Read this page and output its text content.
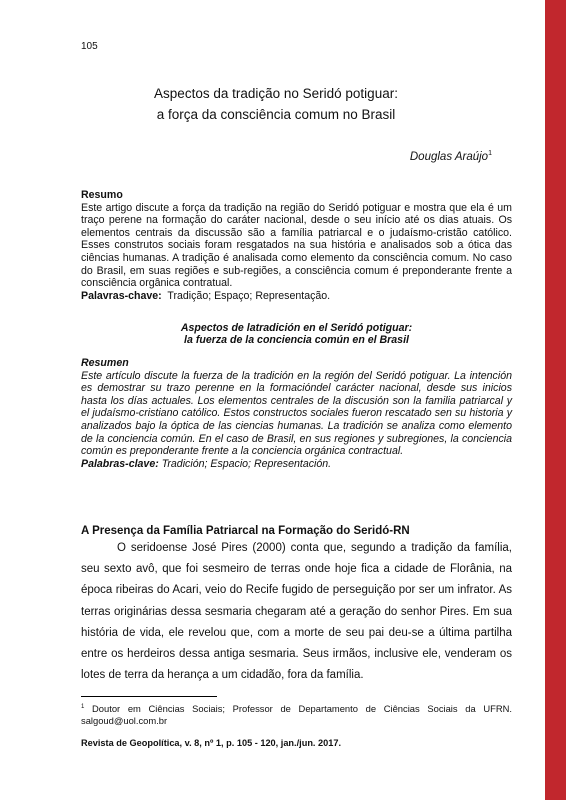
105
Aspectos da tradição no Seridó potiguar:
a força da consciência comum no Brasil
Douglas Araújo$^1$
Resumo
Este artigo discute a força da tradição na região do Seridó potiguar e mostra que ela é um traço perene na formação do caráter nacional, desde o seu início até os dias atuais. Os elementos centrais da discussão são a família patriarcal e o judaísmo-cristão católico. Esses construtos sociais foram resgatados na sua história e analisados sob a ótica das ciências humanas. A tradição é analisada como elemento da consciência comum. No caso do Brasil, em suas regiões e sub-regiões, a consciência comum é preponderante frente a consciência orgânica contratual.
Palavras-chave: Tradição; Espaço; Representação.
Aspectos de latradición en el Seridó potiguar:
la fuerza de la conciencia común en el Brasil
Resumen
Este artículo discute la fuerza de la tradición en la región del Seridó potiguar. La intención es demostrar su trazo perenne en la formacióndel carácter nacional, desde sus inicios hasta los días actuales. Los elementos centrales de la discusión son la familia patriarcal y el judaísmo-cristiano católico. Estos constructos sociales fueron rescatado sen su historia y analizados bajo la óptica de las ciencias humanas. La tradición se analiza como elemento de la conciencia común. En el caso de Brasil, en sus regiones y subregiones, la conciencia común es preponderante frente a la conciencia orgánica contractual.
Palabras-clave: Tradición; Espacio; Representación.
A Presença da Família Patriarcal na Formação do Seridó-RN
O seridoense José Pires (2000) conta que, segundo a tradição da família, seu sexto avô, que foi sesmeiro de terras onde hoje fica a cidade de Florânia, na época ribeiras do Acari, veio do Recife fugido de perseguição por ser um infrator. As terras originárias dessa sesmaria chegaram até a geração do senhor Pires. Em sua história de vida, ele revelou que, com a morte de seu pai deu-se a última partilha entre os herdeiros dessa antiga sesmaria. Seus irmãos, inclusive ele, venderam os lotes de terra da herança a um cidadão, fora da família.
$^1$ Doutor em Ciências Sociais; Professor de Departamento de Ciências Sociais da UFRN. salgoud@uol.com.br
Revista de Geopolítica, v. 8, nº 1, p. 105 - 120, jan./jun. 2017.
